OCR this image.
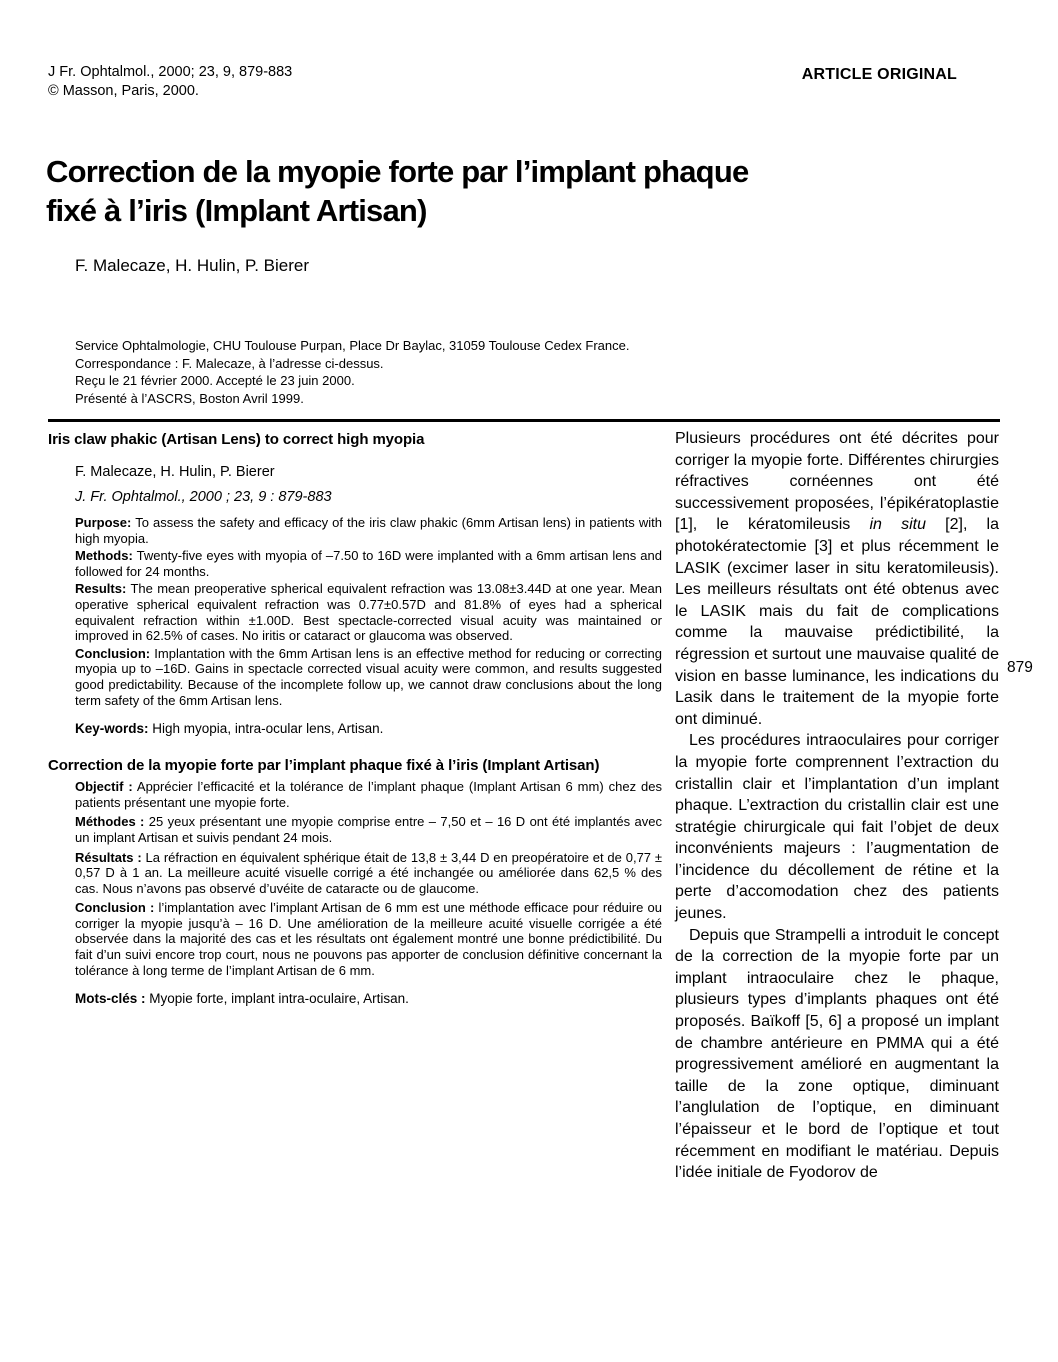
J Fr. Ophtalmol., 2000; 23, 9, 879-883
© Masson, Paris, 2000.
ARTICLE ORIGINAL
Correction de la myopie forte par l’implant phaque
fixé à l’iris (Implant Artisan)
F. Malecaze, H. Hulin, P. Bierer
Service Ophtalmologie, CHU Toulouse Purpan, Place Dr Baylac, 31059 Toulouse Cedex France.
Correspondance : F. Malecaze, à l’adresse ci-dessus.
Reçu le 21 février 2000. Accepté le 23 juin 2000.
Présenté à l’ASCRS, Boston Avril 1999.
Iris claw phakic (Artisan Lens) to correct high myopia
F. Malecaze, H. Hulin, P. Bierer
J. Fr. Ophtalmol., 2000 ; 23, 9 : 879-883
Purpose: To assess the safety and efficacy of the iris claw phakic (6mm Artisan lens) in patients with high myopia.
Methods: Twenty-five eyes with myopia of –7.50 to 16D were implanted with a 6mm artisan lens and followed for 24 months.
Results: The mean preoperative spherical equivalent refraction was 13.08±3.44D at one year. Mean operative spherical equivalent refraction was 0.77±0.57D and 81.8% of eyes had a spherical equivalent refraction within ±1.00D. Best spectacle-corrected visual acuity was maintained or improved in 62.5% of cases. No iritis or cataract or glaucoma was observed.
Conclusion: Implantation with the 6mm Artisan lens is an effective method for reducing or correcting myopia up to –16D. Gains in spectacle corrected visual acuity were common, and results suggested good predictability. Because of the incomplete follow up, we cannot draw conclusions about the long term safety of the 6mm Artisan lens.
Key-words: High myopia, intra-ocular lens, Artisan.
Correction de la myopie forte par l’implant phaque fixé à l’iris (Implant Artisan)
Objectif : Apprécier l’efficacité et la tolérance de l’implant phaque (Implant Artisan 6 mm) chez des patients présentant une myopie forte.
Méthodes : 25 yeux présentant une myopie comprise entre – 7,50 et – 16 D ont été implantés avec un implant Artisan et suivis pendant 24 mois.
Résultats : La réfraction en équivalent sphérique était de 13,8 ± 3,44 D en preopératoire et de 0,77 ± 0,57 D à 1 an. La meilleure acuité visuelle corrigé a été inchangée ou améliorée dans 62,5 % des cas. Nous n’avons pas observé d’uvéite de cataracte ou de glaucome.
Conclusion : l’implantation avec l’implant Artisan de 6 mm est une méthode efficace pour réduire ou corriger la myopie jusqu’à – 16 D. Une amélioration de la meilleure acuité visuelle corrigée a été observée dans la majorité des cas et les résultats ont également montré une bonne prédictibilité. Du fait d’un suivi encore trop court, nous ne pouvons pas apporter de conclusion définitive concernant la tolérance à long terme de l’implant Artisan de 6 mm.
Mots-clés : Myopie forte, implant intra-oculaire, Artisan.

Plusieurs procédures ont été décrites pour corriger la myopie forte. Différentes chirurgies réfractives cornéennes ont été successivement proposées, l’épikératoplastie [1], le kératomileusis in situ [2], la photokératectomie [3] et plus récemment le LASIK (excimer laser in situ keratomileusis). Les meilleurs résultats ont été obtenus avec le LASIK mais du fait de complications comme la mauvaise prédictibilité, la régression et surtout une mauvaise qualité de vision en basse luminance, les indications du Lasik dans le traitement de la myopie forte ont diminué.

Les procédures intraoculaires pour corriger la myopie forte comprennent l’extraction du cristallin clair et l’implantation d’un implant phaque. L’extraction du cristallin clair est une stratégie chirurgicale qui fait l’objet de deux inconvénients majeurs : l’augmentation de l’incidence du décollement de rétine et la perte d’accomodation chez des patients jeunes.

Depuis que Strampelli a introduit le concept de la correction de la myopie forte par un implant intraoculaire chez le phaque, plusieurs types d’implants phaques ont été proposés. Baïkoff [5, 6] a proposé un implant de chambre antérieure en PMMA qui a été progressivement amélioré en augmentant la taille de la zone optique, diminuant l’anglulation de l’optique, en diminuant l’épaisseur et le bord de l’optique et tout récemment en modifiant le matériau. Depuis l’idée initiale de Fyodorov de

879
